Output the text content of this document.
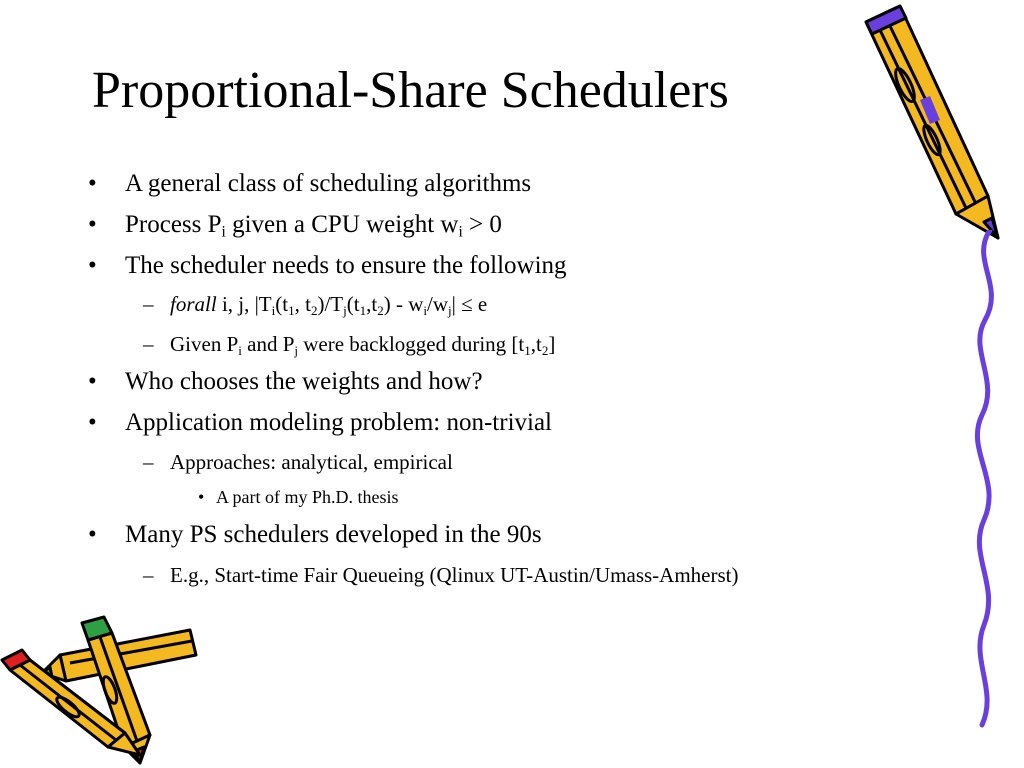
Proportional-Share Schedulers
• A general class of scheduling algorithms
• Process $P_i$ given a CPU weight $w_i > 0$
• The scheduler needs to ensure the following
– forall i, j, $|T_i(t_1$, $t_2)/T_j(t_1,t_2) - w_i/w_j| \le e$
– Given $P_i$ and $P_j$ were backlogged during $[t_1,t_2]$
• Who chooses the weights and how?
• Application modeling problem: non-trivial
– Approaches: analytical, empirical
• A part of my Ph.D. thesis
• Many PS schedulers developed in the 90s
– E.g., Start-time Fair Queueing (Qlinux UT-Austin/Umass-Amherst)
